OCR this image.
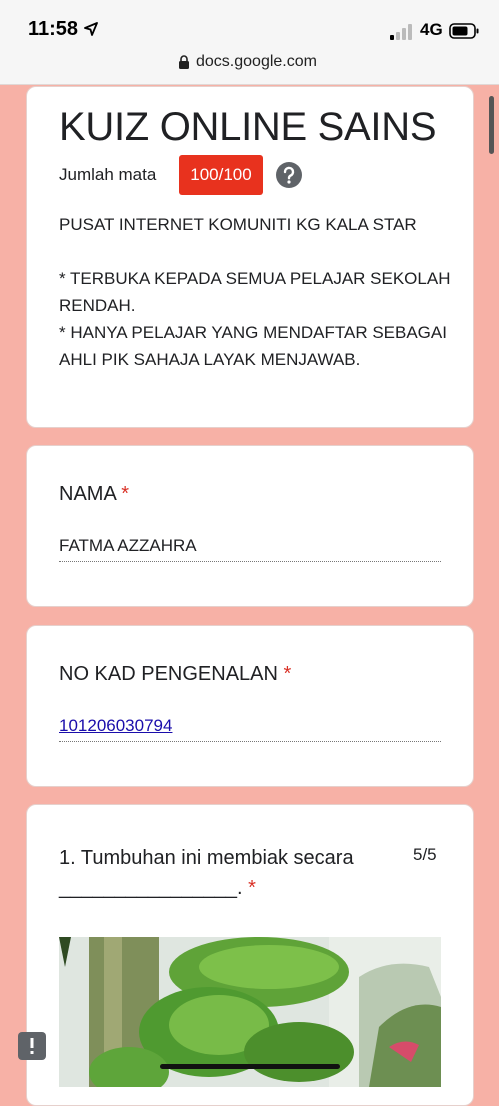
11:58	4G
docs.google.com
KUIZ ONLINE SAINS
Jumlah mata	100/100
PUSAT INTERNET KOMUNITI KG KALA STAR

* TERBUKA KEPADA SEMUA PELAJAR SEKOLAH RENDAH.
* HANYA PELAJAR YANG MENDAFTAR SEBAGAI AHLI PIK SAHAJA LAYAK MENJAWAB.
NAMA *
FATMA AZZAHRA
NO KAD PENGENALAN *
101206030794
1. Tumbuhan ini membiak secara ________________. *
5/5
